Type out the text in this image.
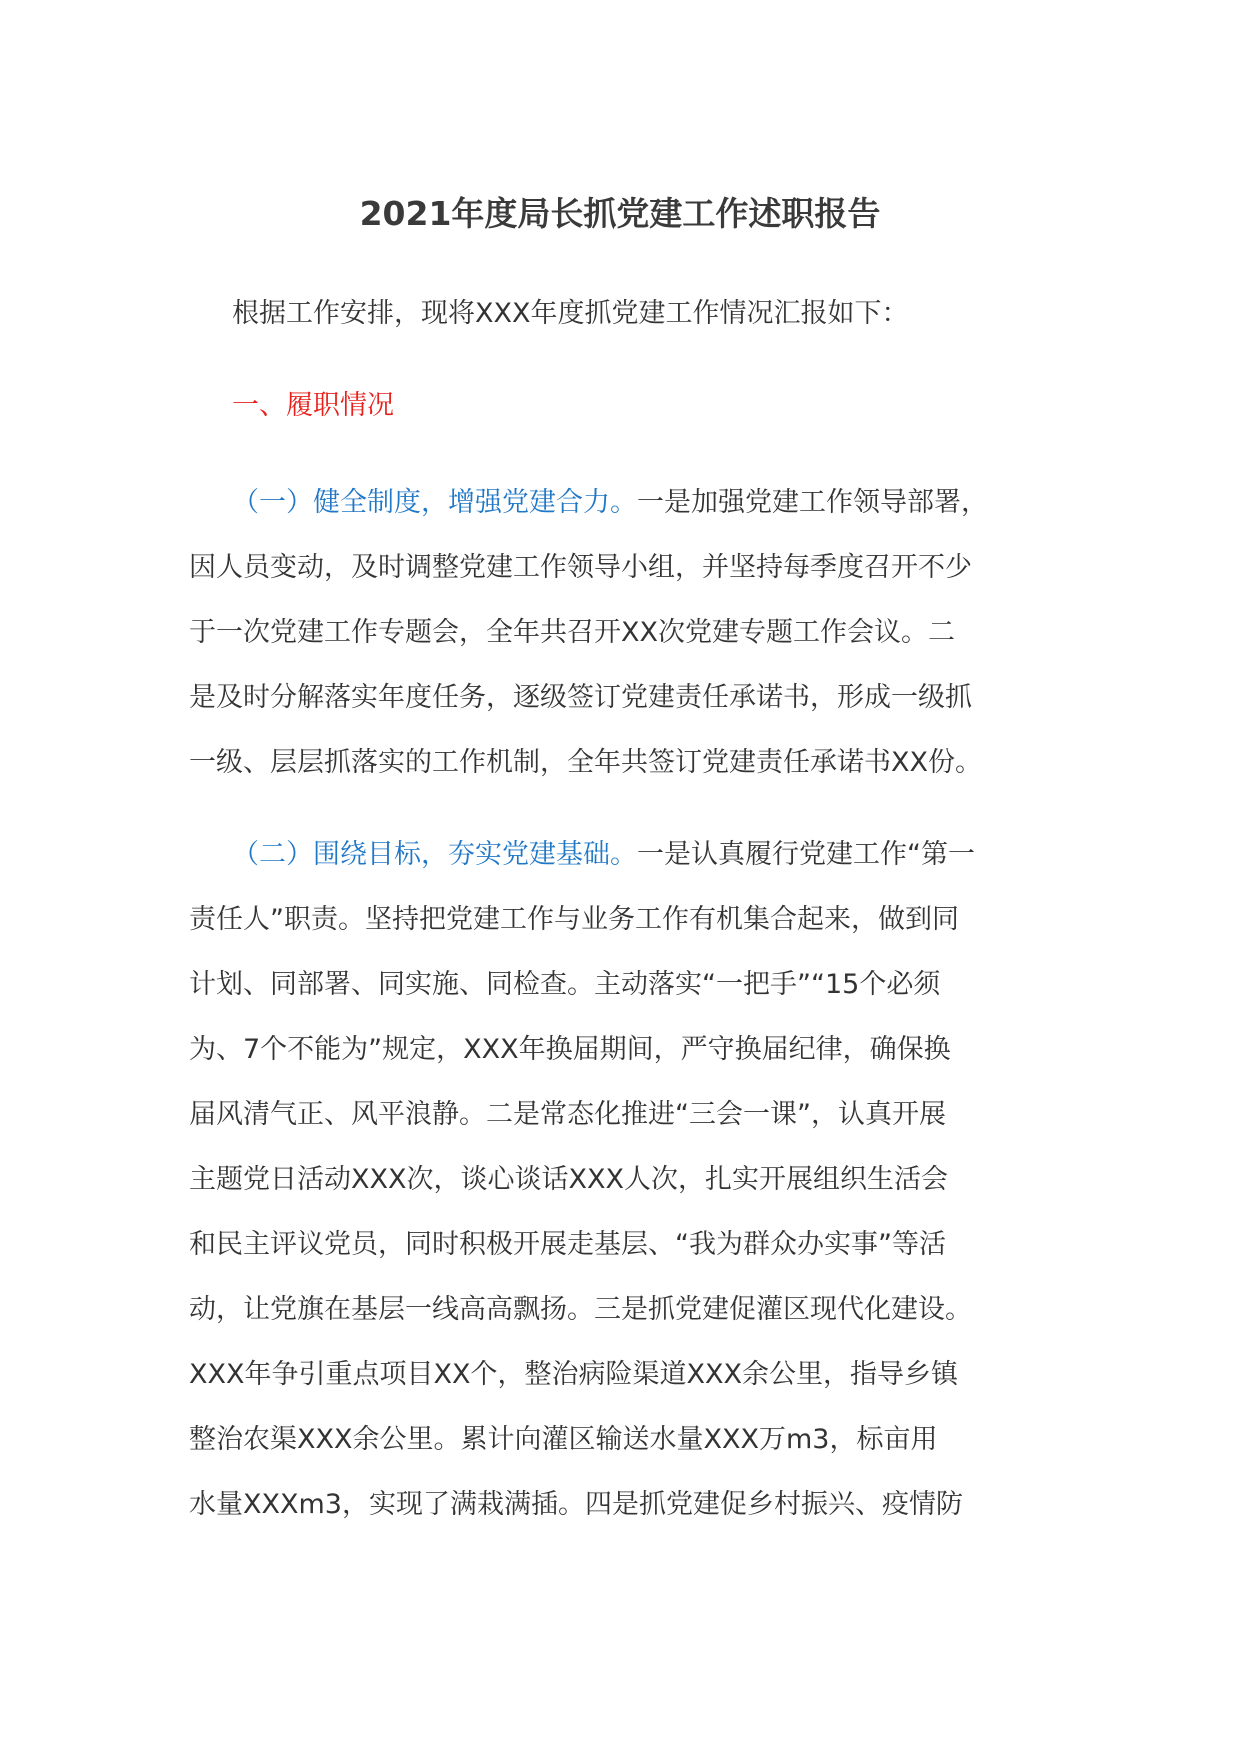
2021年度局长抓党建工作述职报告
根据工作安排，现将XXX年度抓党建工作情况汇报如下：
一、履职情况
（一）健全制度，增强党建合力。一是加强党建工作领导部署，
因人员变动，及时调整党建工作领导小组，并坚持每季度召开不少
于一次党建工作专题会，全年共召开XX次党建专题工作会议。二
是及时分解落实年度任务，逐级签订党建责任承诺书，形成一级抓
一级、层层抓落实的工作机制，全年共签订党建责任承诺书XX份。
（二）围绕目标，夯实党建基础。一是认真履行党建工作“第一
责任人”职责。坚持把党建工作与业务工作有机集合起来，做到同
计划、同部署、同实施、同检查。主动落实“一把手”“15个必须
为、7个不能为”规定，XXX年换届期间，严守换届纪律，确保换
届风清气正、风平浪静。二是常态化推进“三会一课”，认真开展
主题党日活动XXX次，谈心谈话XXX人次，扎实开展组织生活会
和民主评议党员，同时积极开展走基层、“我为群众办实事”等活
动，让党旗在基层一线高高飘扬。三是抓党建促灌区现代化建设。
XXX年争引重点项目XX个，整治病险渠道XXX余公里，指导乡镇
整治农渠XXX余公里。累计向灌区输送水量XXX万m3，标亩用
水量XXXm3，实现了满栽满插。四是抓党建促乡村振兴、疫情防
